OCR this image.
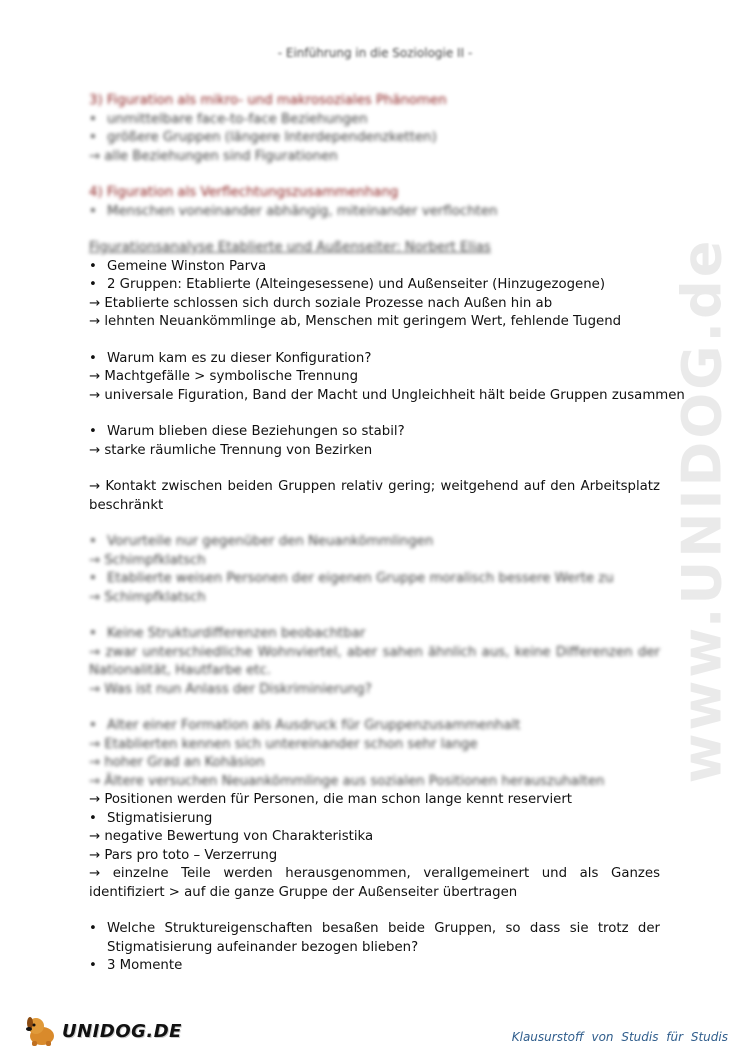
- Einführung in die Soziologie II -
www.UNIDOG.de
3) Figuration als mikro- und makrosoziales Phänomen
• unmittelbare face-to-face Beziehungen
• größere Gruppen (längere Interdependenzketten)
→ alle Beziehungen sind Figurationen
4) Figuration als Verflechtungszusammenhang
• Menschen voneinander abhängig, miteinander verflochten
Figurationsanalyse Etablierte und Außenseiter: Norbert Elias
• Gemeine Winston Parva
• 2 Gruppen: Etablierte (Alteingesessene) und Außenseiter (Hinzugezogene)
→ Etablierte schlossen sich durch soziale Prozesse nach Außen hin ab
→ lehnten Neuankömmlinge ab, Menschen mit geringem Wert, fehlende Tugend
• Warum kam es zu dieser Konfiguration?
→ Machtgefälle > symbolische Trennung
→ universale Figuration, Band der Macht und Ungleichheit hält beide Gruppen zusammen
• Warum blieben diese Beziehungen so stabil?
→ starke räumliche Trennung von Bezirken
→ Kontakt zwischen beiden Gruppen relativ gering; weitgehend auf den Arbeitsplatz beschränkt
• Vorurteile nur gegenüber den Neuankömmlingen
→ Schimpfklatsch
• Etablierte weisen Personen der eigenen Gruppe moralisch bessere Werte zu
→ Schimpfklatsch
• Keine Strukturdifferenzen beobachtbar
→ zwar unterschiedliche Wohnviertel, aber sahen ähnlich aus, keine Differenzen der Nationalität, Hautfarbe etc.
→ Was ist nun Anlass der Diskriminierung?
• Alter einer Formation als Ausdruck für Gruppenzusammenhalt
→ Etablierten kennen sich untereinander schon sehr lange
→ hoher Grad an Kohäsion
→ Ältere versuchen Neuankömmlinge aus sozialen Positionen herauszuhalten
→ Positionen werden für Personen, die man schon lange kennt reserviert
• Stigmatisierung
→ negative Bewertung von Charakteristika
→ Pars pro toto – Verzerrung
→ einzelne Teile werden herausgenommen, verallgemeinert und als Ganzes identifiziert > auf die ganze Gruppe der Außenseiter übertragen
• Welche Struktureigenschaften besaßen beide Gruppen, so dass sie trotz der Stigmatisierung aufeinander bezogen blieben?
• 3 Momente
UNIDOG.DE	Klausurstoff von Studis für Studis
